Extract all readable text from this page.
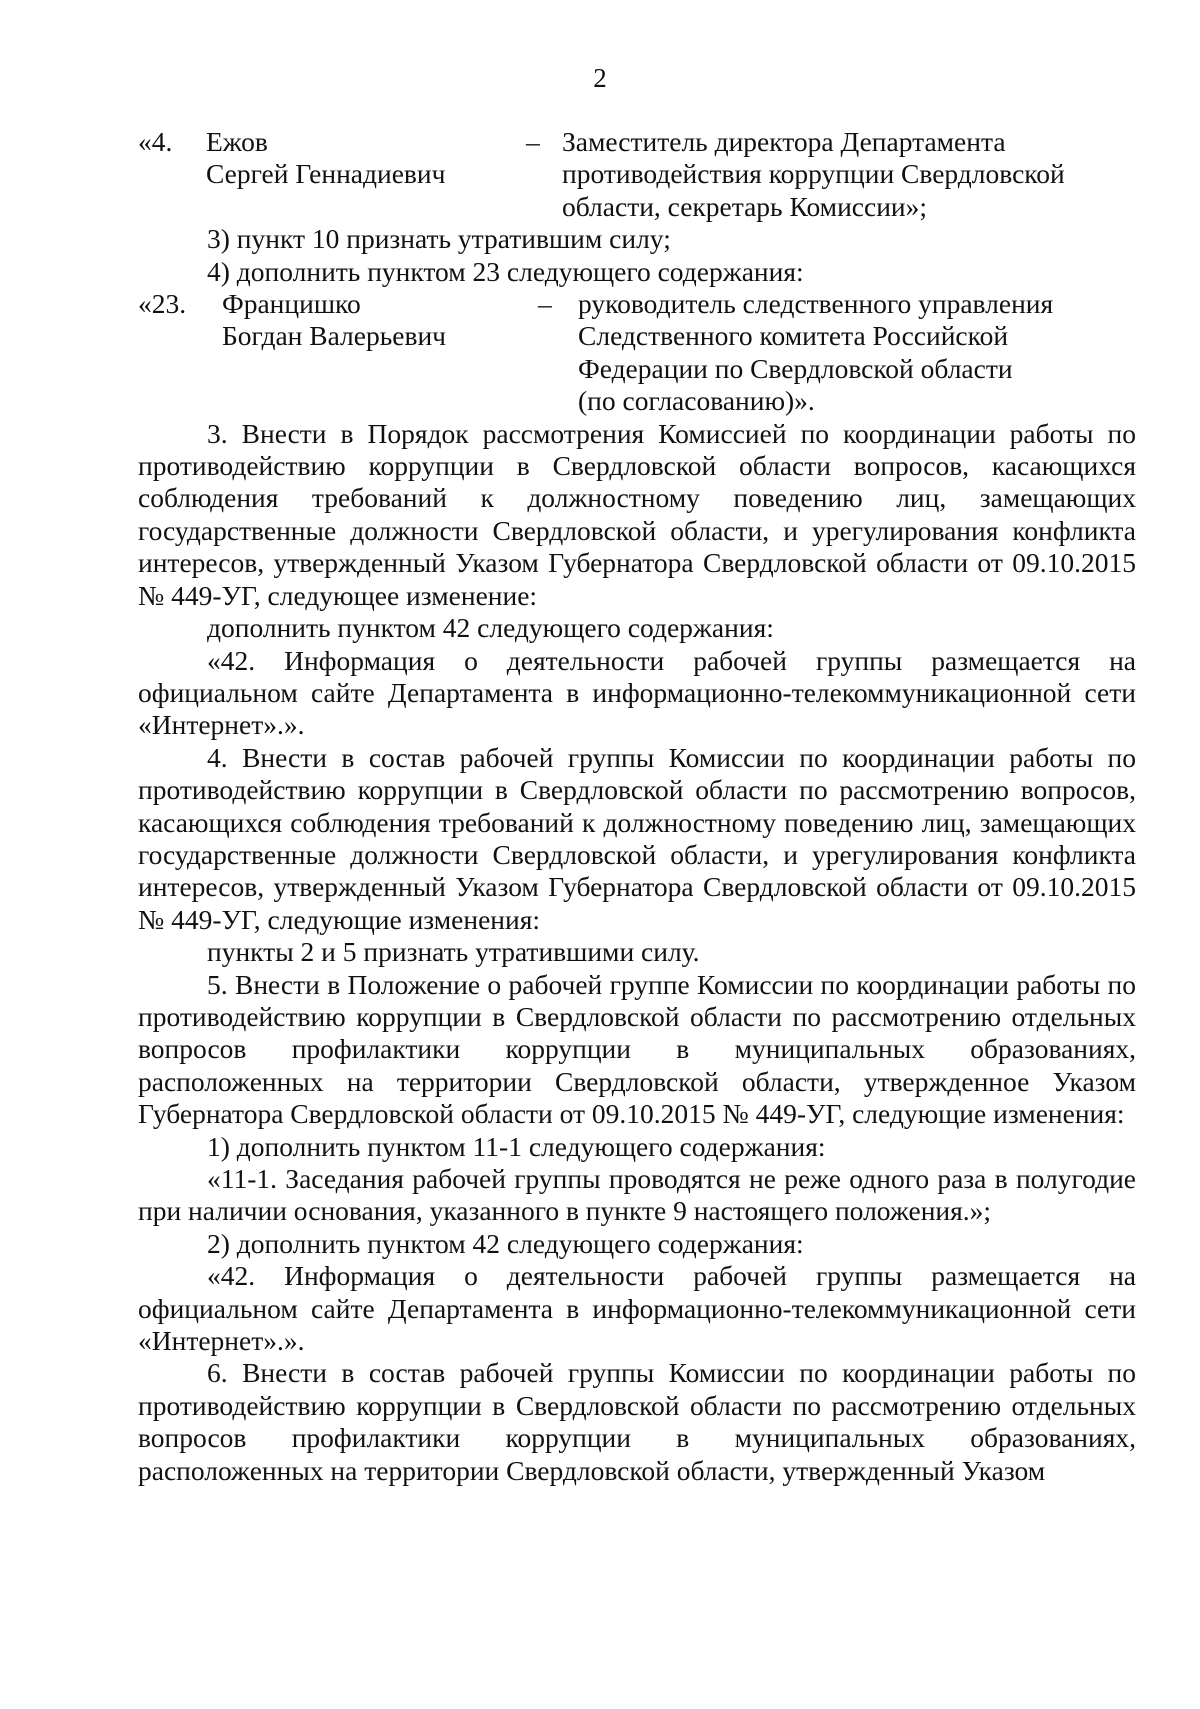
2
«4.	Ежов
Сергей Геннадиевич
– Заместитель директора Департамента
противодействия коррупции Свердловской
области, секретарь Комиссии»;

3) пункт 10 признать утратившим силу;

4) дополнить пунктом 23 следующего содержания:

«23.	Францишко
Богдан Валерьевич
– руководитель следственного управления
Следственного комитета Российской
Федерации по Свердловской области
(по согласованию)».

3. Внести в Порядок рассмотрения Комиссией по координации работы по противодействию коррупции в Свердловской области вопросов, касающихся соблюдения требований к должностному поведению лиц, замещающих государственные должности Свердловской области, и урегулирования конфликта интересов, утвержденный Указом Губернатора Свердловской области от 09.10.2015 № 449-УГ, следующее изменение:

дополнить пунктом 42 следующего содержания:

«42. Информация о деятельности рабочей группы размещается на официальном сайте Департамента в информационно-телекоммуникационной сети «Интернет».».

4. Внести в состав рабочей группы Комиссии по координации работы по противодействию коррупции в Свердловской области по рассмотрению вопросов, касающихся соблюдения требований к должностному поведению лиц, замещающих государственные должности Свердловской области, и урегулирования конфликта интересов, утвержденный Указом Губернатора Свердловской области от 09.10.2015 № 449-УГ, следующие изменения:

пункты 2 и 5 признать утратившими силу.

5. Внести в Положение о рабочей группе Комиссии по координации работы по противодействию коррупции в Свердловской области по рассмотрению отдельных вопросов профилактики коррупции в муниципальных образованиях, расположенных на территории Свердловской области, утвержденное Указом Губернатора Свердловской области от 09.10.2015 № 449-УГ, следующие изменения:

1) дополнить пунктом 11-1 следующего содержания:

«11-1. Заседания рабочей группы проводятся не реже одного раза в полугодие при наличии основания, указанного в пункте 9 настоящего положения.»;

2) дополнить пунктом 42 следующего содержания:

«42. Информация о деятельности рабочей группы размещается на официальном сайте Департамента в информационно-телекоммуникационной сети «Интернет».».

6. Внести в состав рабочей группы Комиссии по координации работы по противодействию коррупции в Свердловской области по рассмотрению отдельных вопросов профилактики коррупции в муниципальных образованиях, расположенных на территории Свердловской области, утвержденный Указом
